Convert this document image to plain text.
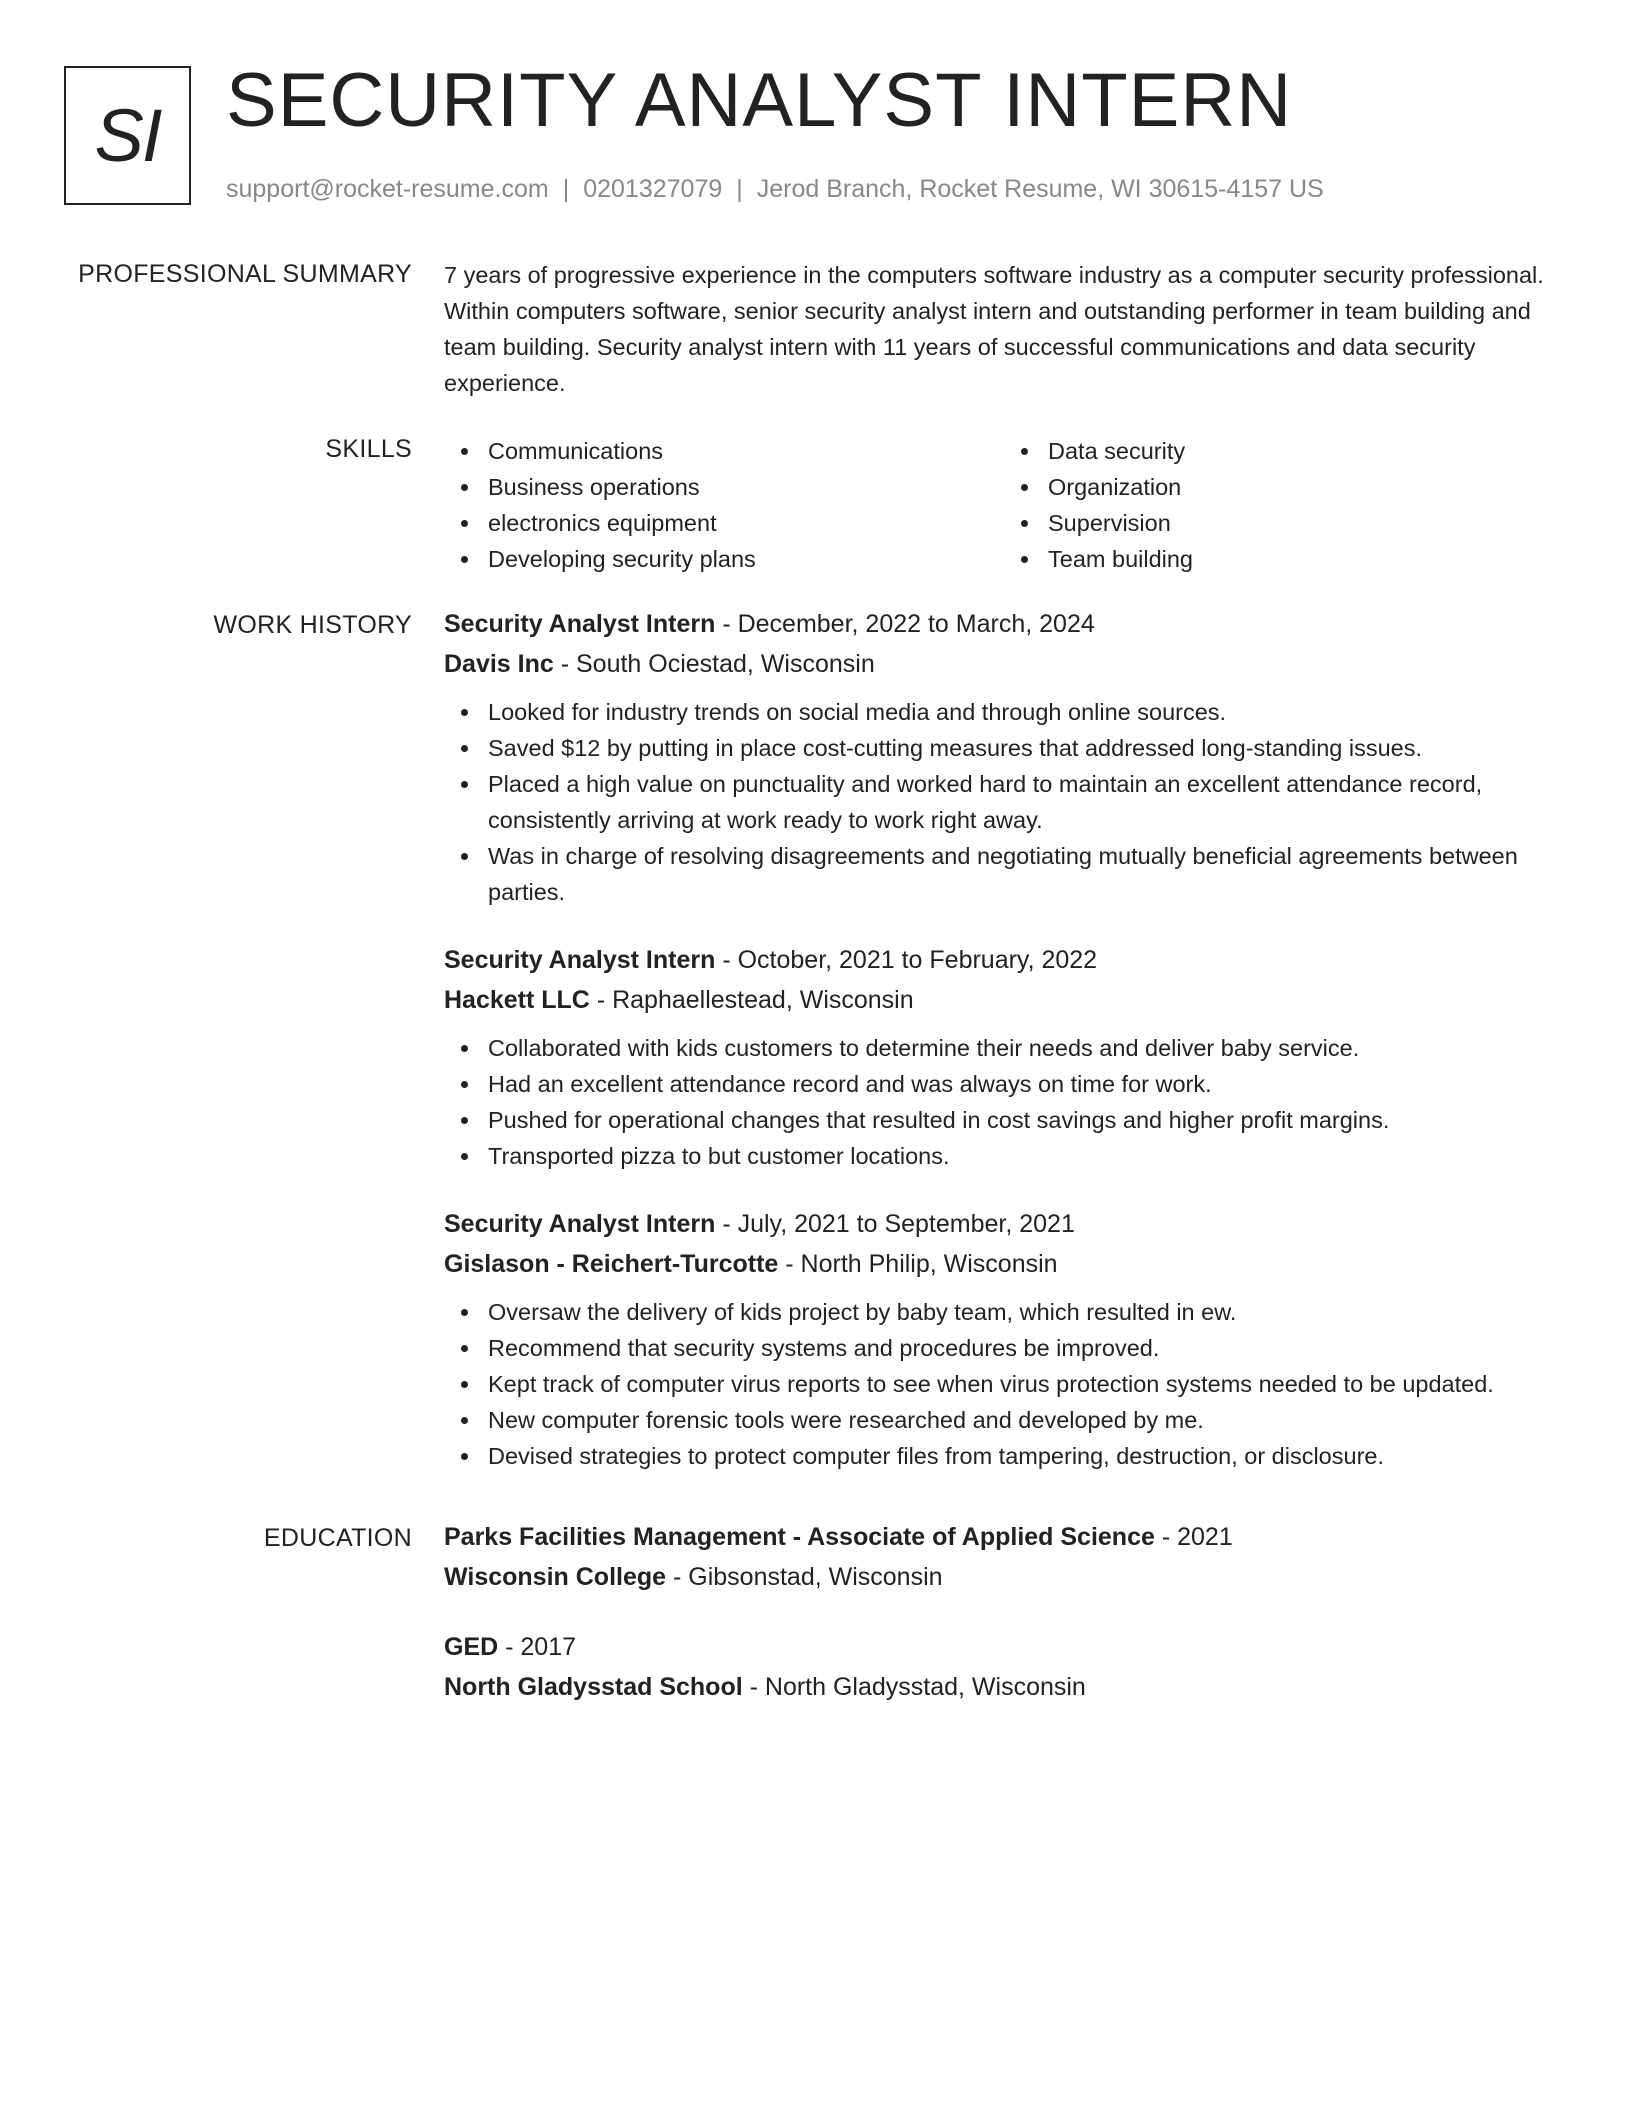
SI SECURITY ANALYST INTERN
support@rocket-resume.com | 0201327079 | Jerod Branch, Rocket Resume, WI 30615-4157 US
PROFESSIONAL SUMMARY 7 years of progressive experience in the computers software industry as a computer security professional. Within computers software, senior security analyst intern and outstanding performer in team building and team building. Security analyst intern with 11 years of successful communications and data security experience.

SKILLS	Communications
Business operations
electronics equipment
Developing security plans
Data security
Organization
Supervision
Team building
WORK HISTORY Security Analyst Intern - December, 2022 to March, 2024
Davis Inc - South Ociestad, Wisconsin
Looked for industry trends on social media and through online sources.
Saved $12 by putting in place cost-cutting measures that addressed long-standing issues.
Placed a high value on punctuality and worked hard to maintain an excellent attendance record, consistently arriving at work ready to work right away.
Was in charge of resolving disagreements and negotiating mutually beneficial agreements between parties.
Security Analyst Intern - October, 2021 to February, 2022
Hackett LLC - Raphaellestead, Wisconsin
Collaborated with kids customers to determine their needs and deliver baby service.
Had an excellent attendance record and was always on time for work.
Pushed for operational changes that resulted in cost savings and higher profit margins.
Transported pizza to but customer locations.
Security Analyst Intern - July, 2021 to September, 2021
Gislason - Reichert-Turcotte - North Philip, Wisconsin
Oversaw the delivery of kids project by baby team, which resulted in ew.
Recommend that security systems and procedures be improved.
Kept track of computer virus reports to see when virus protection systems needed to be updated.
New computer forensic tools were researched and developed by me.
Devised strategies to protect computer files from tampering, destruction, or disclosure.
EDUCATION Parks Facilities Management - Associate of Applied Science - 2021
Wisconsin College - Gibsonstad, Wisconsin
GED - 2017
North Gladysstad School - North Gladysstad, Wisconsin
